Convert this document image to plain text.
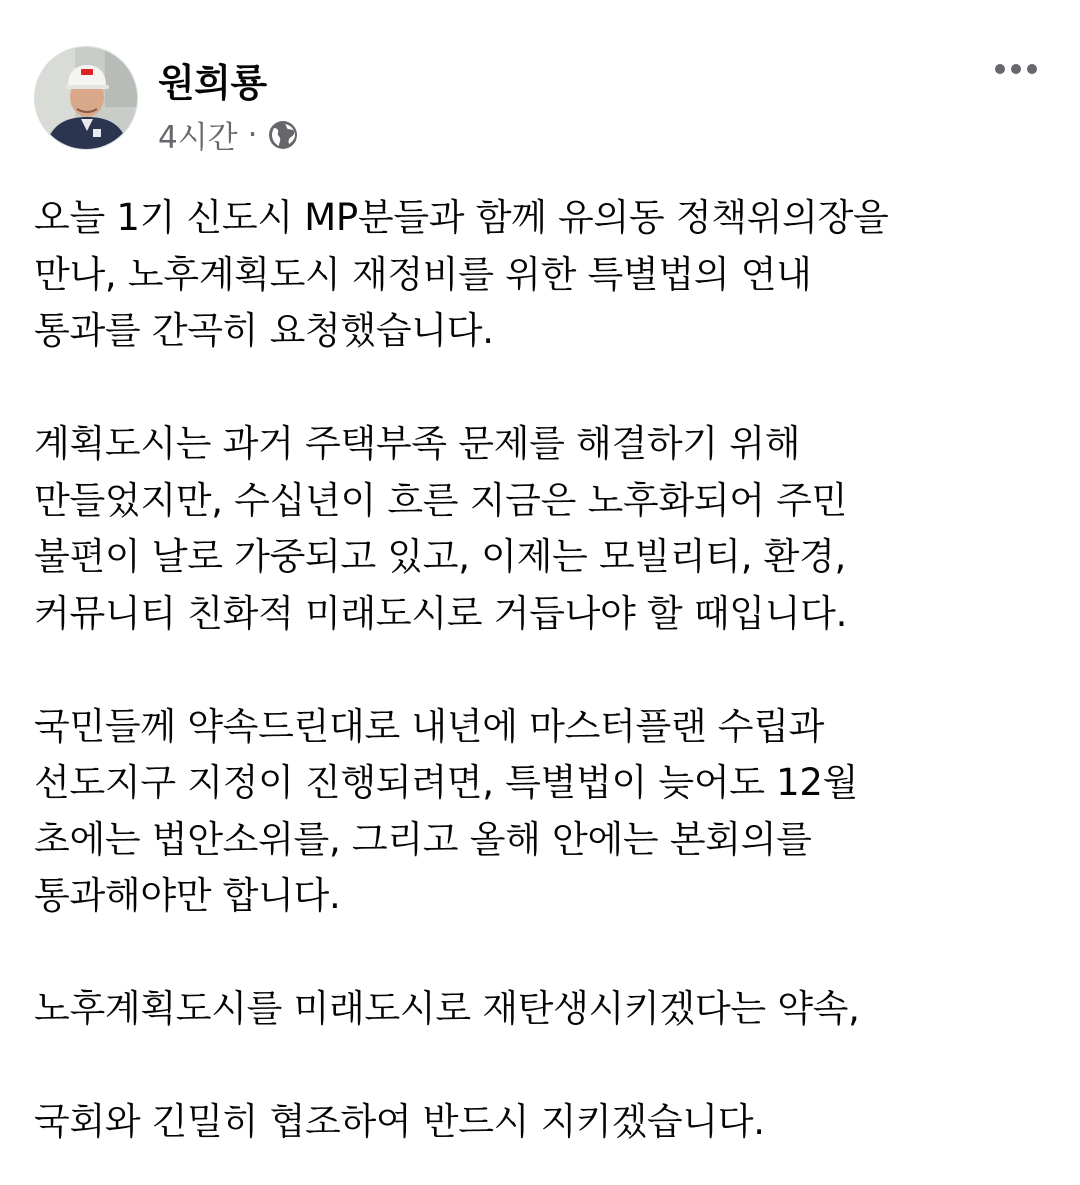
원희룡
4시간 ·

오늘 1기 신도시 MP분들과 함께 유의동 정책위의장을
만나, 노후계획도시 재정비를 위한 특별법의 연내
통과를 간곡히 요청했습니다.

계획도시는 과거 주택부족 문제를 해결하기 위해
만들었지만, 수십년이 흐른 지금은 노후화되어 주민
불편이 날로 가중되고 있고, 이제는 모빌리티, 환경,
커뮤니티 친화적 미래도시로 거듭나야 할 때입니다.

국민들께 약속드린대로 내년에 마스터플랜 수립과
선도지구 지정이 진행되려면, 특별법이 늦어도 12월
초에는 법안소위를, 그리고 올해 안에는 본회의를
통과해야만 합니다.

노후계획도시를 미래도시로 재탄생시키겠다는 약속,

국회와 긴밀히 협조하여 반드시 지키겠습니다.
